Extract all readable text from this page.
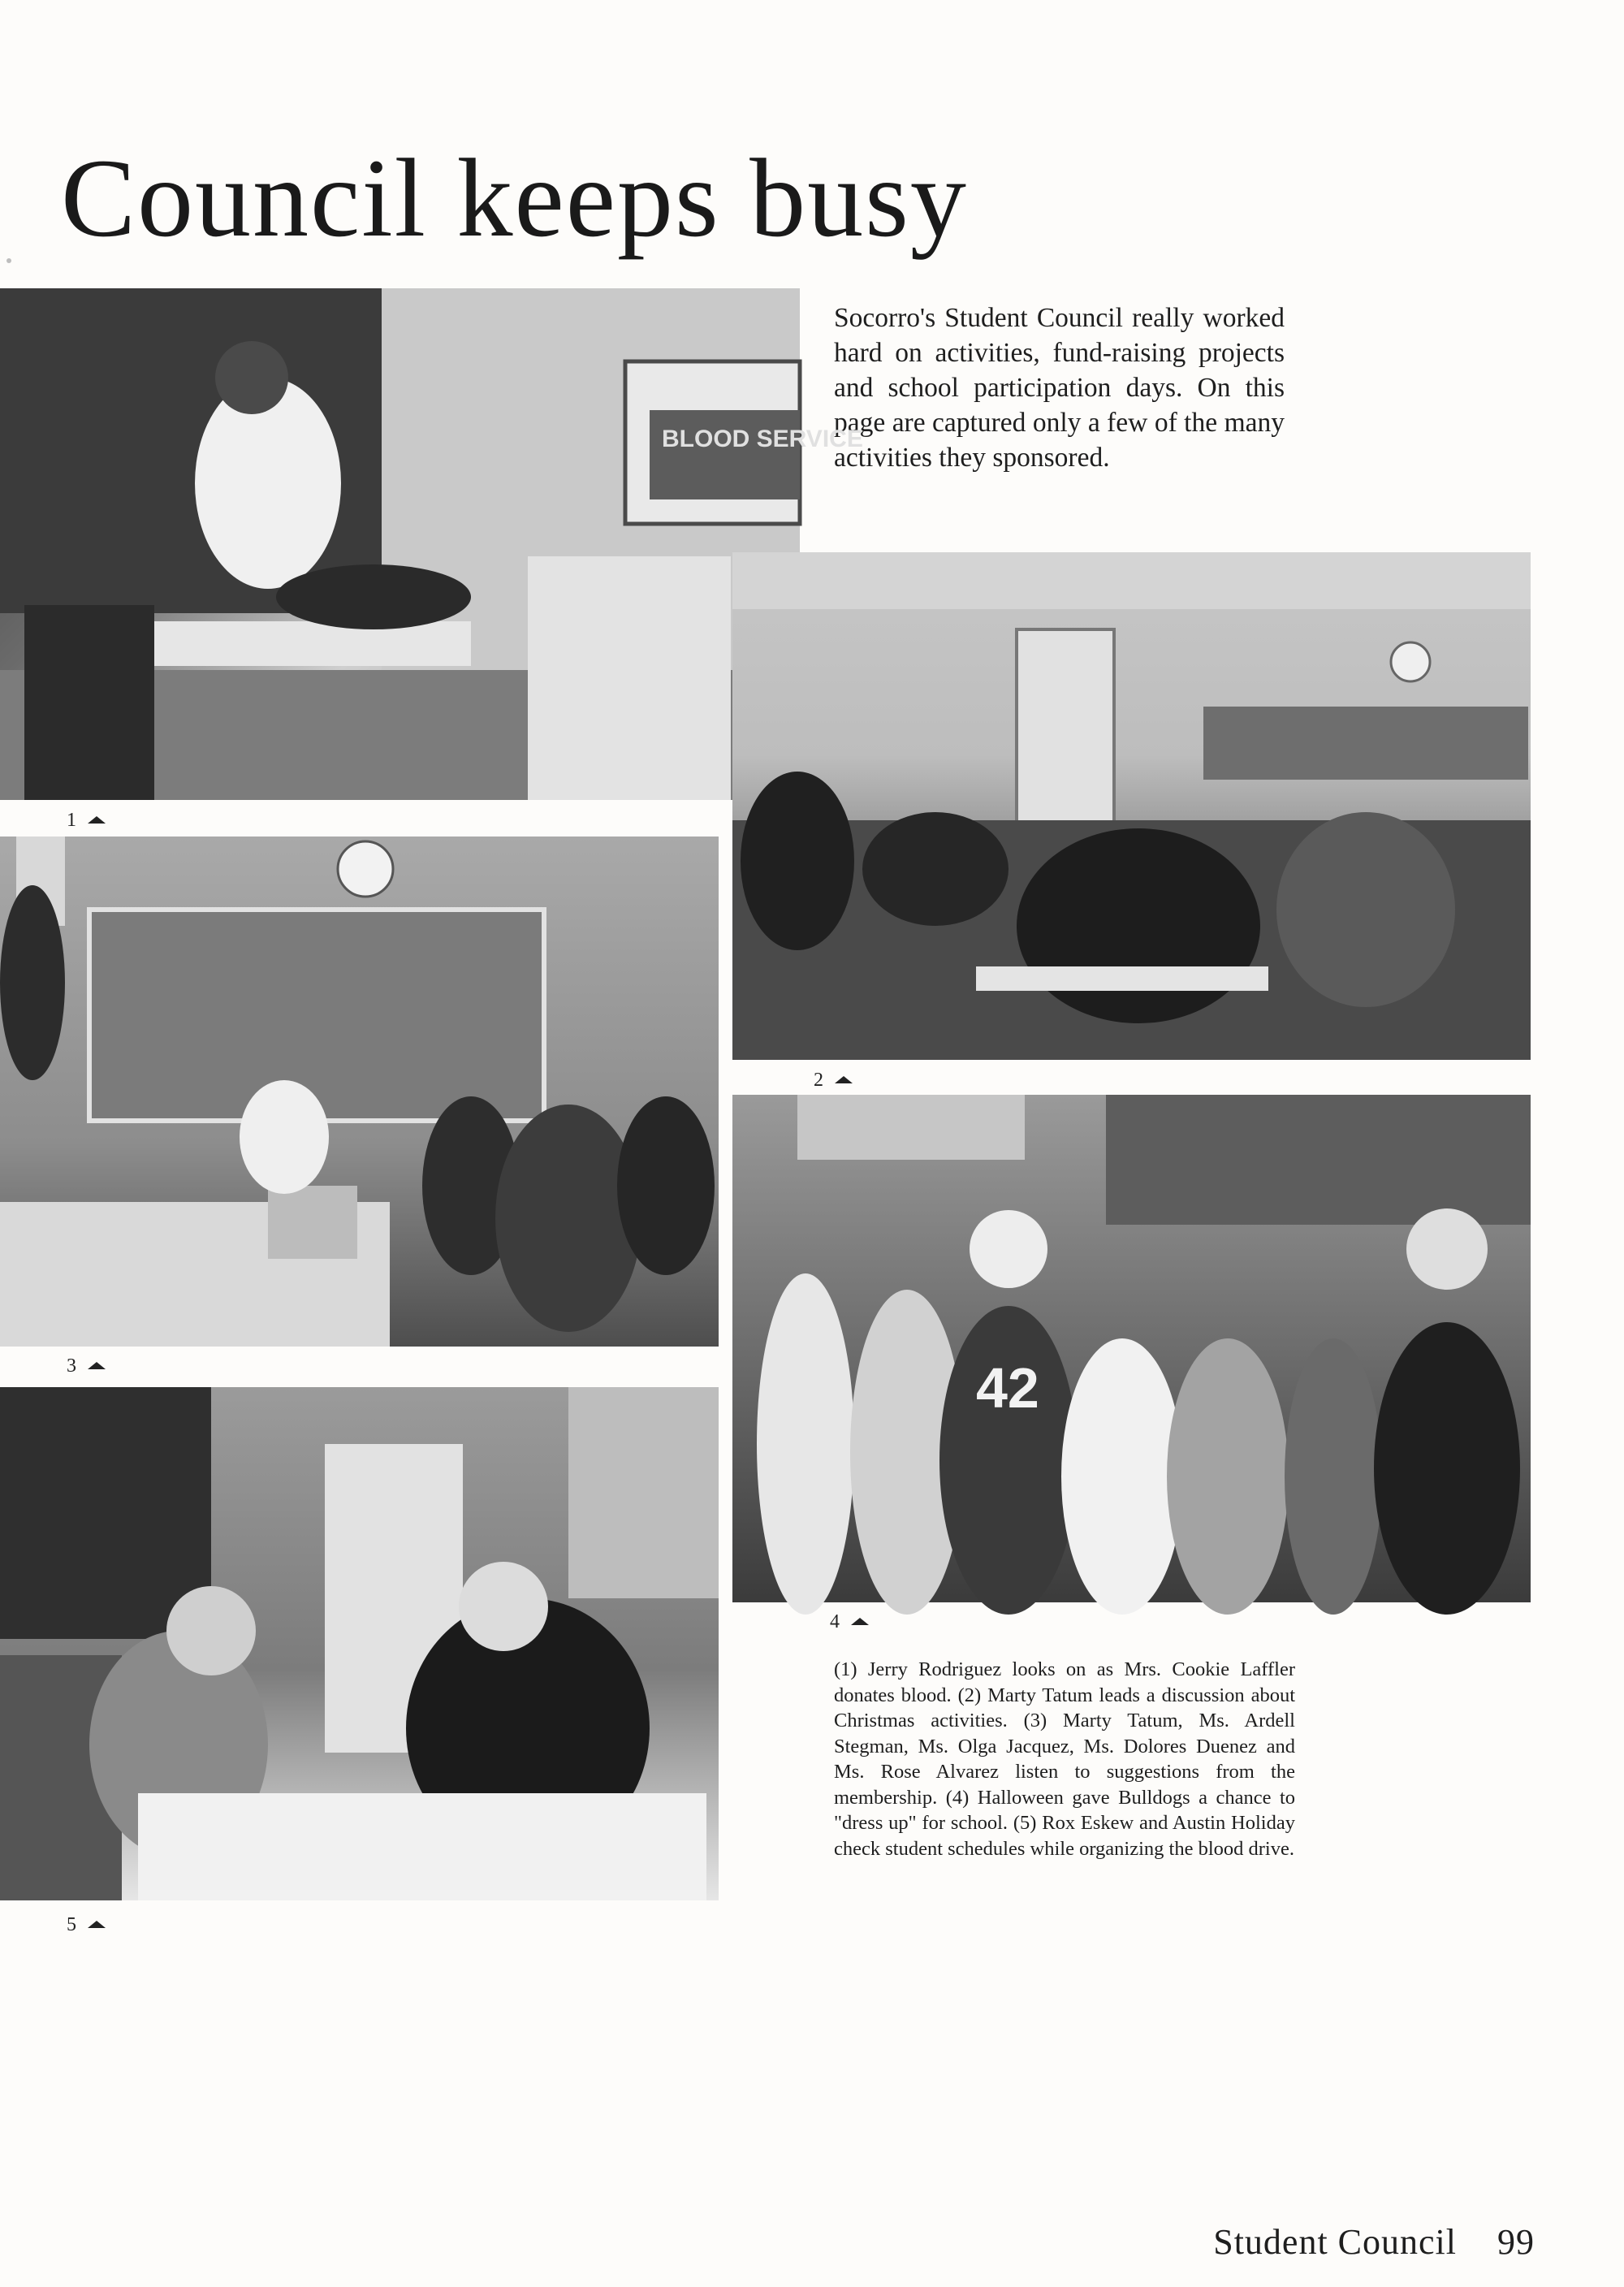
Council keeps busy

Socorro's Student Council really worked hard on activities, fund-raising projects and school participation days. On this page are captured only a few of the many activities they sponsored.

BLOOD SERVICE
1
2
3	42
4
5

(1) Jerry Rodriguez looks on as Mrs. Cookie Laffler donates blood. (2) Marty Tatum leads a discussion about Christmas activities. (3) Marty Tatum, Ms. Ardell Stegman, Ms. Olga Jacquez, Ms. Dolores Duenez and Ms. Rose Alvarez listen to suggestions from the membership. (4) Halloween gave Bulldogs a chance to "dress up" for school. (5) Rox Eskew and Austin Holiday check student schedules while organizing the blood drive.

Student Council 99
